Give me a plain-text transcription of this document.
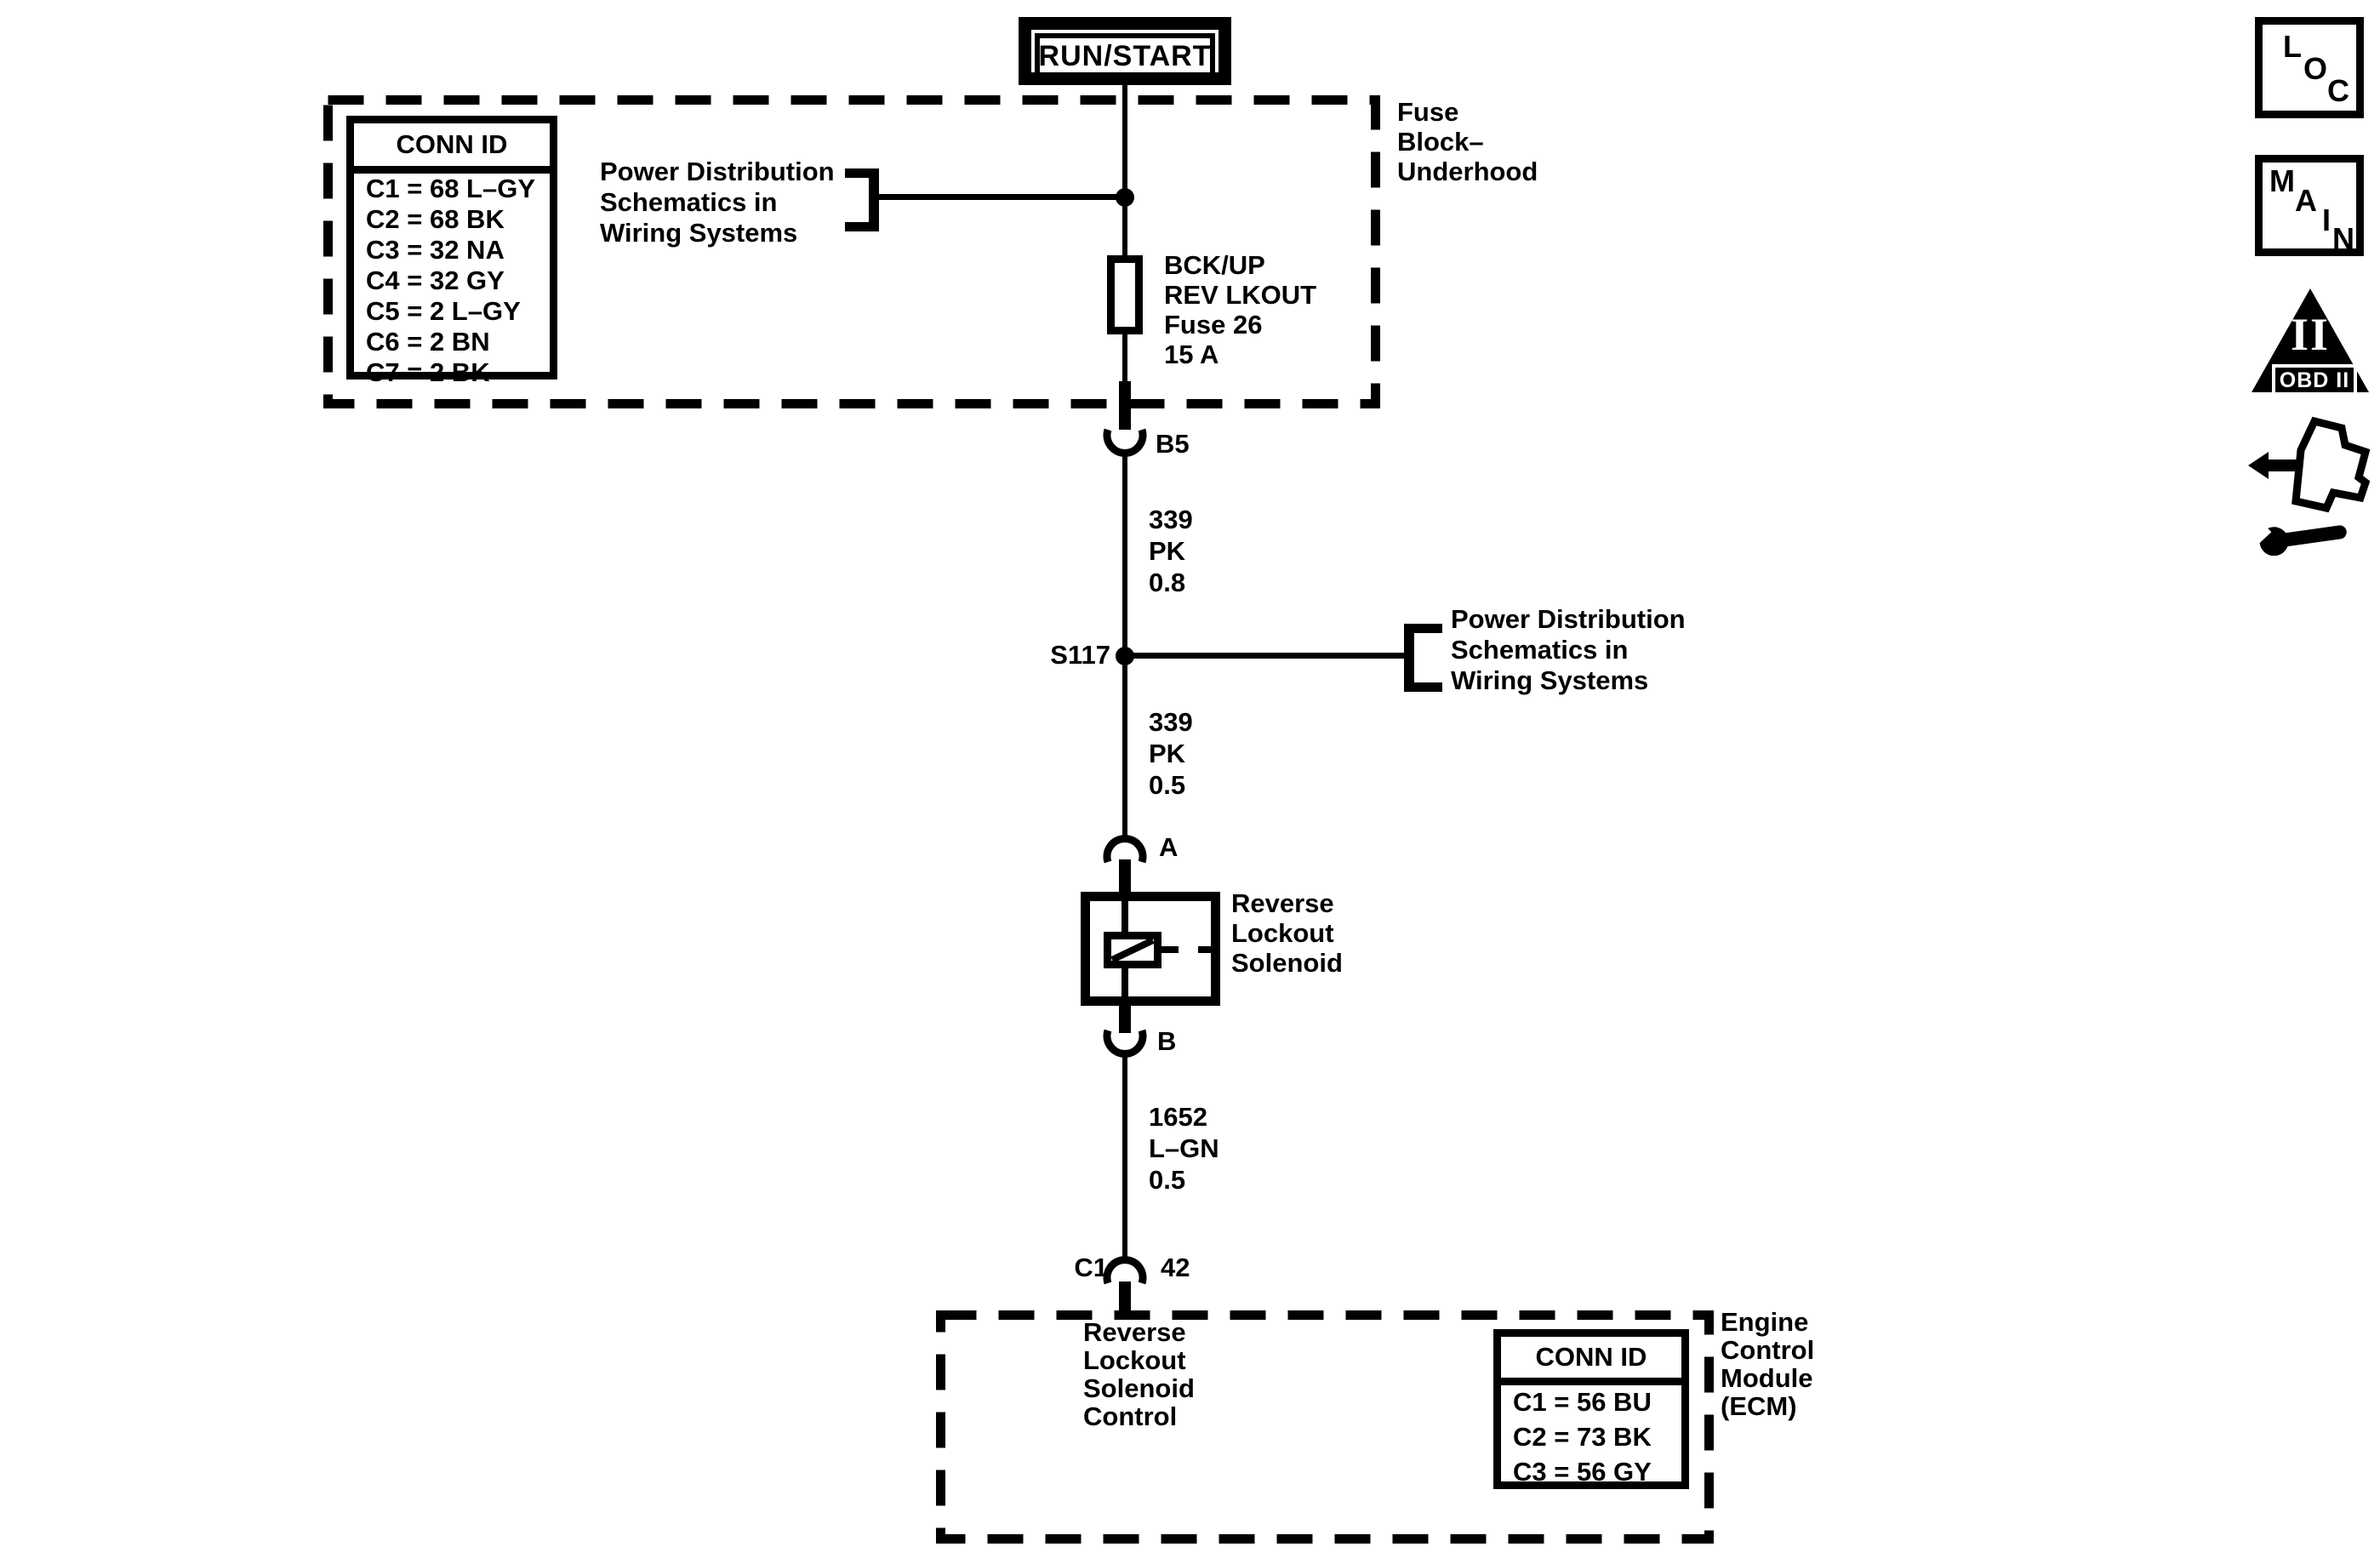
Fuse
Block–
Underhood
CONN ID
C1 = 68 L–GY
C2 = 68 BK
C3 = 32 NA
C4 = 32 GY
C5 = 2 L–GY
C6 = 2 BN
C7 = 2 BK
Power Distribution
Schematics in
Wiring Systems
RUN/START
BCK/UP
REV LKOUT
Fuse 26
15 A
B5
339
PK
0.8
S117
Power Distribution
Schematics in
Wiring Systems
339
PK
0.5
A
Reverse
Lockout
Solenoid
B
1652
L–GN
0.5
C1 42
Reverse
Lockout
Solenoid
Control
CONN ID
C1 = 56 BU
C2 = 73 BK
C3 = 56 GY
Engine
Control
Module
(ECM)
L
O
C
M
A
I
N
II
OBD II
